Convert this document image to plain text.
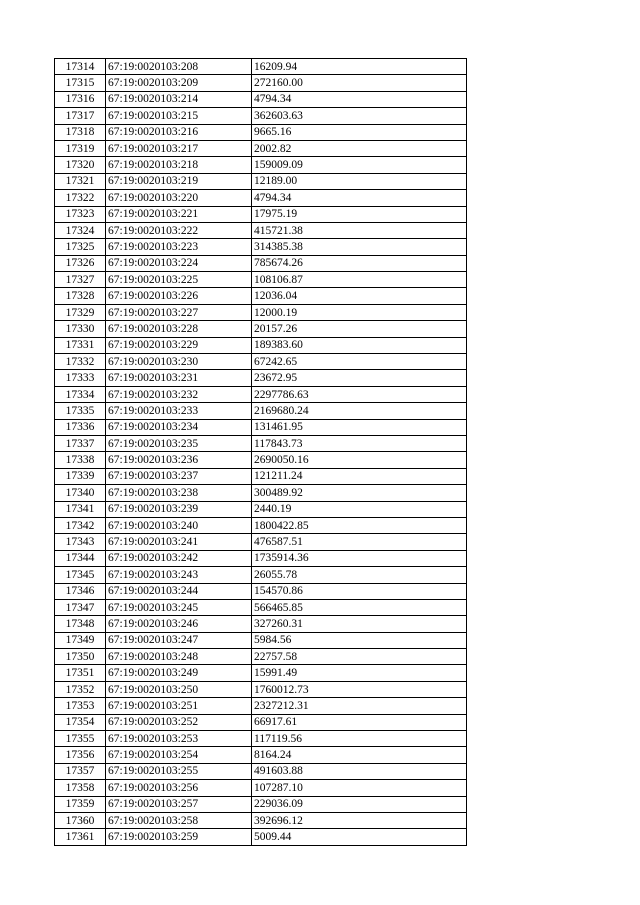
17314	67:19:0020103:208	16209.94
17315	67:19:0020103:209	272160.00
17316	67:19:0020103:214	4794.34
17317	67:19:0020103:215	362603.63
17318	67:19:0020103:216	9665.16
17319	67:19:0020103:217	2002.82
17320	67:19:0020103:218	159009.09
17321	67:19:0020103:219	12189.00
17322	67:19:0020103:220	4794.34
17323	67:19:0020103:221	17975.19
17324	67:19:0020103:222	415721.38
17325	67:19:0020103:223	314385.38
17326	67:19:0020103:224	785674.26
17327	67:19:0020103:225	108106.87
17328	67:19:0020103:226	12036.04
17329	67:19:0020103:227	12000.19
17330	67:19:0020103:228	20157.26
17331	67:19:0020103:229	189383.60
17332	67:19:0020103:230	67242.65
17333	67:19:0020103:231	23672.95
17334	67:19:0020103:232	2297786.63
17335	67:19:0020103:233	2169680.24
17336	67:19:0020103:234	131461.95
17337	67:19:0020103:235	117843.73
17338	67:19:0020103:236	2690050.16
17339	67:19:0020103:237	121211.24
17340	67:19:0020103:238	300489.92
17341	67:19:0020103:239	2440.19
17342	67:19:0020103:240	1800422.85
17343	67:19:0020103:241	476587.51
17344	67:19:0020103:242	1735914.36
17345	67:19:0020103:243	26055.78
17346	67:19:0020103:244	154570.86
17347	67:19:0020103:245	566465.85
17348	67:19:0020103:246	327260.31
17349	67:19:0020103:247	5984.56
17350	67:19:0020103:248	22757.58
17351	67:19:0020103:249	15991.49
17352	67:19:0020103:250	1760012.73
17353	67:19:0020103:251	2327212.31
17354	67:19:0020103:252	66917.61
17355	67:19:0020103:253	117119.56
17356	67:19:0020103:254	8164.24
17357	67:19:0020103:255	491603.88
17358	67:19:0020103:256	107287.10
17359	67:19:0020103:257	229036.09
17360	67:19:0020103:258	392696.12
17361	67:19:0020103:259	5009.44
